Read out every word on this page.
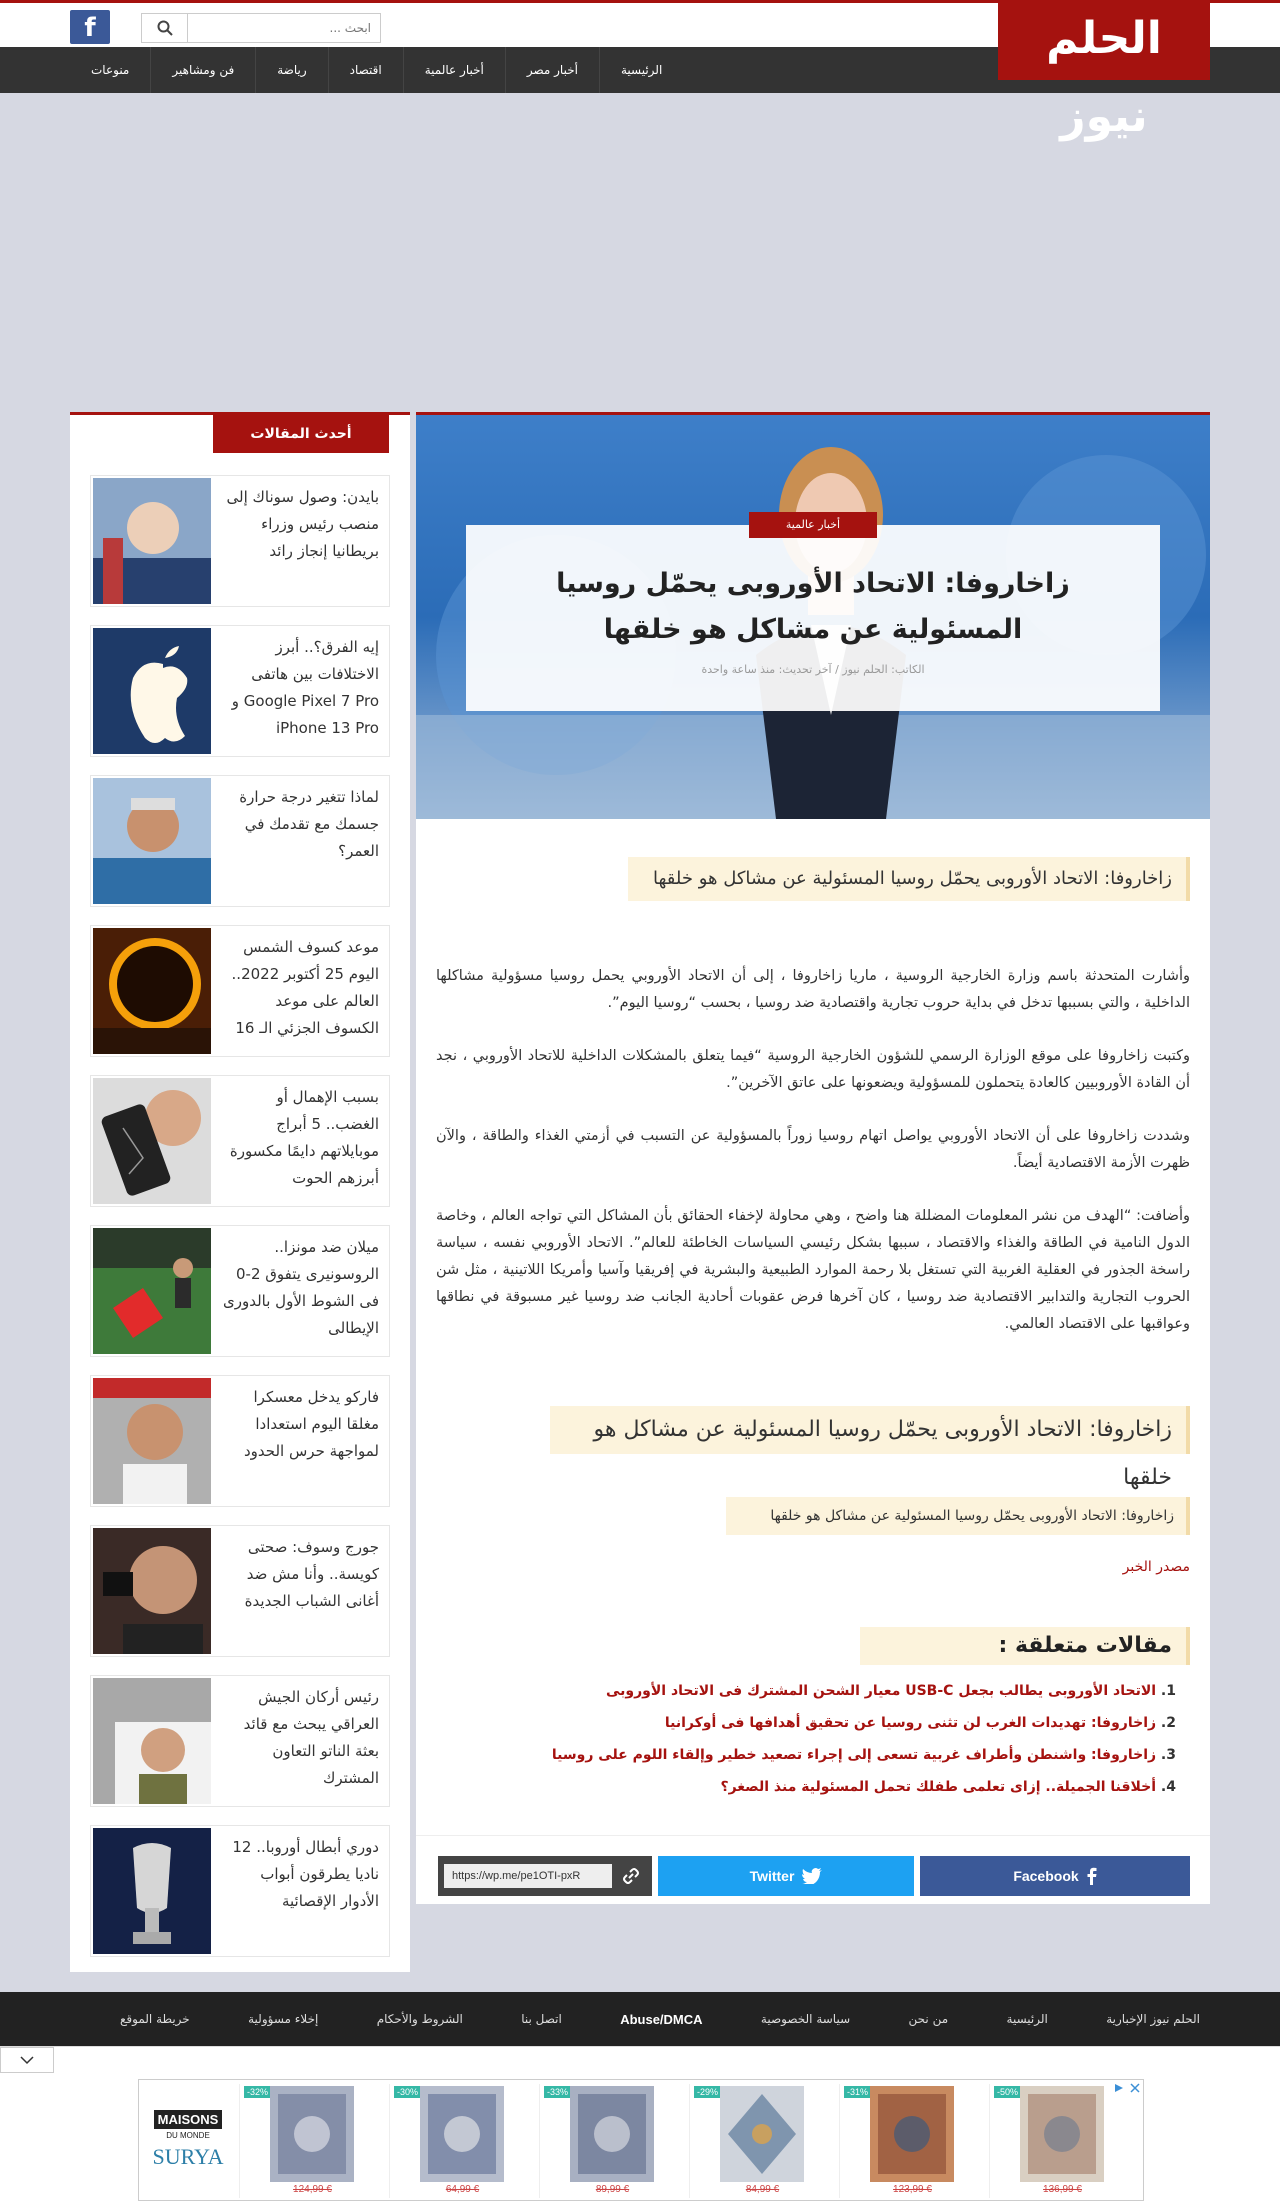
f
ابحث ...	الحلم نيوز
الرئيسية
أخبار مصر
أخبار عالمية
اقتصاد
رياضة
فن ومشاهير
منوعات
أخبار عالمية
زاخاروفا: الاتحاد الأوروبى يحمّل روسيا المسئولية عن مشاكل هو خلقها
الكاتب: الحلم نيوز / آخر تحديث: منذ ساعة واحدة
زاخاروفا: الاتحاد الأوروبى يحمّل روسيا المسئولية عن مشاكل هو خلقها
وأشارت المتحدثة باسم وزارة الخارجية الروسية ، ماريا زاخاروفا ، إلى أن الاتحاد الأوروبي يحمل روسيا مسؤولية مشاكلها الداخلية ، والتي بسببها تدخل في بداية حروب تجارية واقتصادية ضد روسيا ، بحسب “روسيا اليوم”.
وكتبت زاخاروفا على موقع الوزارة الرسمي للشؤون الخارجية الروسية “فيما يتعلق بالمشكلات الداخلية للاتحاد الأوروبي ، نجد أن القادة الأوروبيين كالعادة يتحملون للمسؤولية ويضعونها على عاتق الآخرين”.
وشددت زاخاروفا على أن الاتحاد الأوروبي يواصل اتهام روسيا زوراً بالمسؤولية عن التسبب في أزمتي الغذاء والطاقة ، والآن ظهرت الأزمة الاقتصادية أيضاً.
وأضافت: “الهدف من نشر المعلومات المضللة هنا واضح ، وهي محاولة لإخفاء الحقائق بأن المشاكل التي تواجه العالم ، وخاصة الدول النامية في الطاقة والغذاء والاقتصاد ، سببها بشكل رئيسي السياسات الخاطئة للعالم”. الاتحاد الأوروبي نفسه ، سياسة راسخة الجذور في العقلية الغربية التي تستغل بلا رحمة الموارد الطبيعية والبشرية في إفريقيا وآسيا وأمريكا اللاتينية ، مثل شن الحروب التجارية والتدابير الاقتصادية ضد روسيا ، كان آخرها فرض عقوبات أحادية الجانب ضد روسيا غير مسبوقة في نطاقها وعواقبها على الاقتصاد العالمي.
زاخاروفا: الاتحاد الأوروبى يحمّل روسيا المسئولية عن مشاكل هو خلقها
زاخاروفا: الاتحاد الأوروبى يحمّل روسيا المسئولية عن مشاكل هو خلقها
مصدر الخبر
مقالات متعلقة :
1. الاتحاد الأوروبى يطالب بجعل USB-C معيار الشحن المشترك فى الاتحاد الأوروبى
2. زاخاروفا: تهديدات الغرب لن تثنى روسيا عن تحقيق أهدافها فى أوكرانيا
3. زاخاروفا: واشنطن وأطراف غربية تسعى إلى إجراء تصعيد خطير وإلقاء اللوم على روسيا
4. أخلاقنا الجميلة.. إزاى تعلمى طفلك تحمل المسئولية منذ الصغر؟
https://wp.me/pe1OTI-pxR	Twitter	Facebook
أحدث المقالات
بايدن: وصول سوناك إلى منصب رئيس وزراء بريطانيا إنجاز رائد
إيه الفرق؟.. أبرز الاختلافات بين هاتفى Google Pixel 7 Pro و iPhone 13 Pro
لماذا تتغير درجة حرارة جسمك مع تقدمك في العمر؟
موعد كسوف الشمس اليوم 25 أكتوبر 2022.. العالم على موعد الكسوف الجزئي الـ 16
بسبب الإهمال أو الغضب.. 5 أبراج موبايلاتهم دايمًا مكسورة أبرزهم الحوت
ميلان ضد مونزا.. الروسونيرى يتفوق 2-0 فى الشوط الأول بالدورى الإيطالى
فاركو يدخل معسكرا مغلقا اليوم استعدادا لمواجهة حرس الحدود
جورج وسوف: صحتى كويسة.. وأنا مش ضد أغانى الشباب الجديدة
رئيس أركان الجيش العراقي يبحث مع قائد بعثة الناتو التعاون المشترك
دوري أبطال أوروبا.. 12 ناديا يطرقون أبواب الأدوار الإقصائية
الحلم نيوز الإخبارية
الرئيسية
من نحن
سياسة الخصوصية
Abuse/DMCA
اتصل بنا
الشروط والأحكام
إخلاء مسؤولية
خريطة الموقع
MAISONS
DU MONDE
SURYA
-32%
124,99 €
-30%
64,99 €
-33%
89,99 €
-29%
84,99 €
-31%
123,99 €
-50%
136,99 €
